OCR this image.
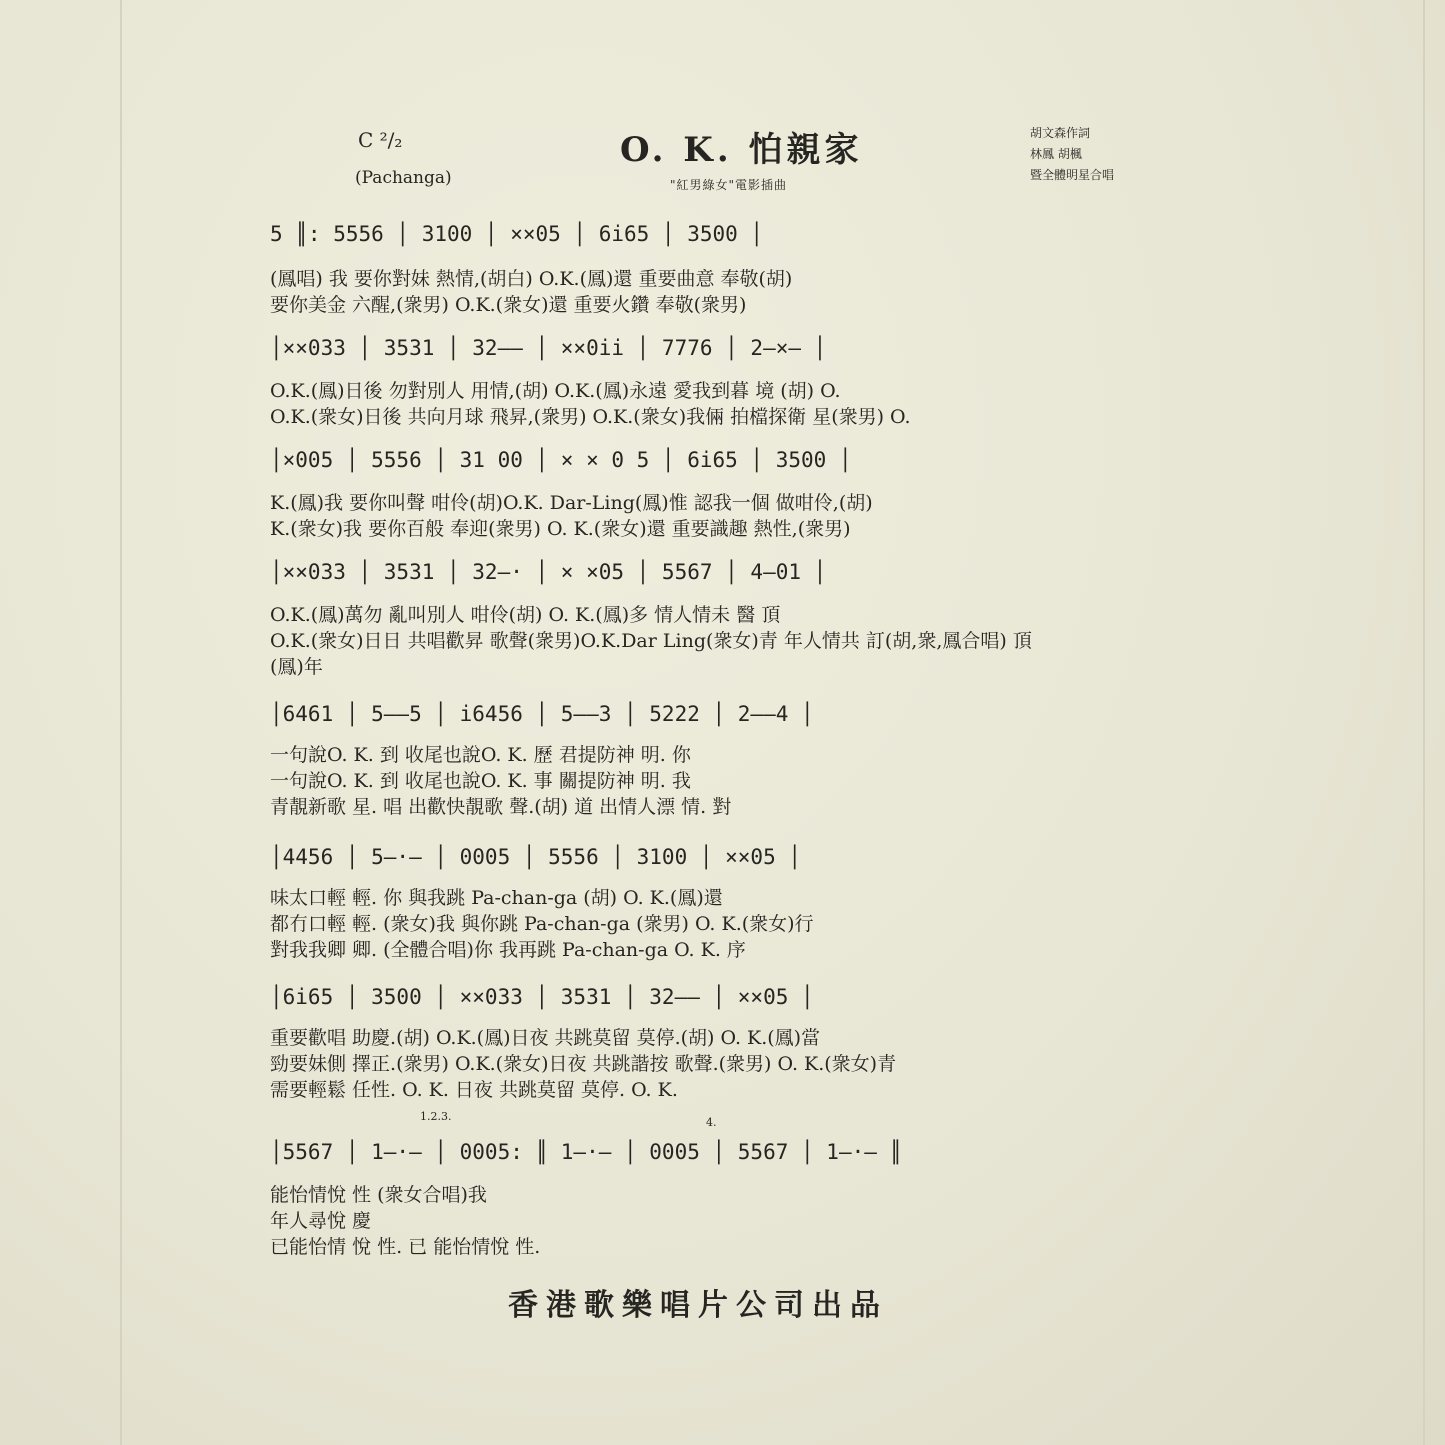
C ²/₂
(Pachanga)
O. K. 怕親家
"紅男綠女"電影插曲
胡文森作詞
林鳳 胡楓
暨全體明星合唱
5 ║: 5556 │ 3100 │ ××05 │ 6i65 │ 3500 │
(鳳唱) 我 要你對妹 熱情,(胡白) O.K.(鳳)還 重要曲意 奉敬(胡)
要你美金 六醒,(衆男) O.K.(衆女)還 重要火鑽 奉敬(衆男)
│××033 │ 3531 │ 32—— │ ××0ii │ 7776 │ 2—×— │
O.K.(鳳)日後 勿對別人 用情,(胡) O.K.(鳳)永遠 愛我到暮 境 (胡) O.
O.K.(衆女)日後 共向月球 飛昇,(衆男) O.K.(衆女)我倆 拍檔探衛 星(衆男) O.
│×005 │ 5556 │ 31 00 │ × × 0 5 │ 6i65 │ 3500 │
K.(鳳)我 要你叫聲 咁伶(胡)O.K. Dar-Ling(鳳)惟 認我一個 做咁伶,(胡)
K.(衆女)我 要你百般 奉迎(衆男) O. K.(衆女)還 重要識趣 熱性,(衆男)
│××033 │ 3531 │ 32—· │ × ×05 │ 5567 │ 4—01 │
O.K.(鳳)萬勿 亂叫別人 咁伶(胡) O. K.(鳳)多 情人情未 醫 頂
O.K.(衆女)日日 共唱歡昇 歌聲(衆男)O.K.Dar Ling(衆女)青 年人情共 訂(胡,衆,鳳合唱) 頂
(鳳)年
│6461 │ 5——5 │ i6456 │ 5——3 │ 5222 │ 2——4 │
一句說O. K. 到 收尾也說O. K. 歷 君提防神 明. 你
一句說O. K. 到 收尾也說O. K. 事 關提防神 明. 我
青靚新歌 星. 唱 出歡快靚歌 聲.(胡) 道 出情人漂 情. 對
│4456 │ 5—·— │ 0005 │ 5556 │ 3100 │ ××05 │
味太口輕 輕. 你 與我跳 Pa-chan-ga (胡) O. K.(鳳)還
都冇口輕 輕. (衆女)我 與你跳 Pa-chan-ga (衆男) O. K.(衆女)行
對我我卿 卿. (全體合唱)你 我再跳 Pa-chan-ga O. K. 序
│6i65 │ 3500 │ ××033 │ 3531 │ 32—— │ ××05 │
重要歡唱 助慶.(胡) O.K.(鳳)日夜 共跳莫留 莫停.(胡) O. K.(鳳)當
勁要妹側 擇正.(衆男) O.K.(衆女)日夜 共跳諧按 歌聲.(衆男) O. K.(衆女)青
需要輕鬆 任性. O. K. 日夜 共跳莫留 莫停. O. K.
1.2.3.	4.
│5567 │ 1—·— │ 0005: ║ 1—·— │ 0005 │ 5567 │ 1—·— ║
能怡情悅 性 (衆女合唱)我
年人尋悅 慶
已能怡情 悅 性. 已 能怡情悅 性.
香港歌樂唱片公司出品
